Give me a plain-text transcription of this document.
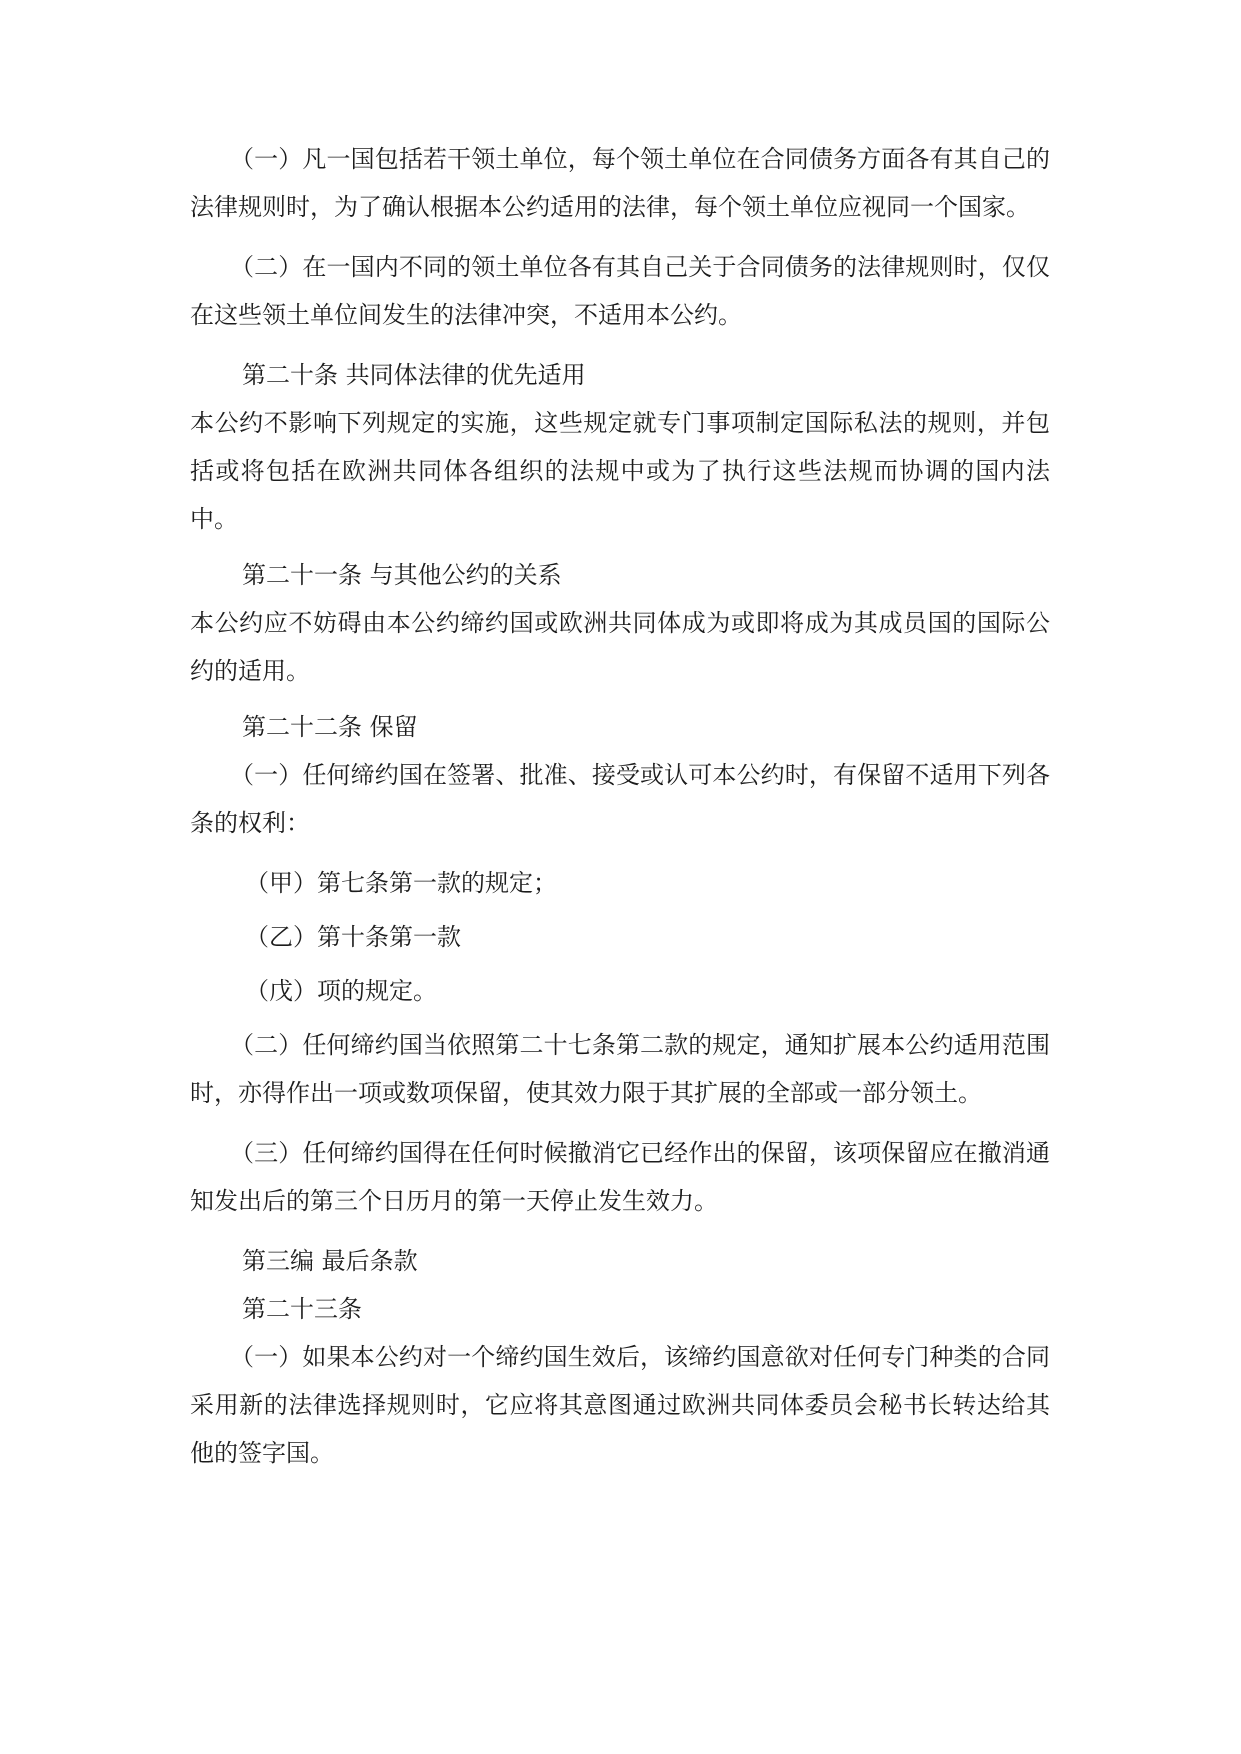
（一）凡一国包括若干领土单位，每个领土单位在合同债务方面各有其自己的法律规则时，为了确认根据本公约适用的法律，每个领土单位应视同一个国家。

（二）在一国内不同的领土单位各有其自己关于合同债务的法律规则时，仅仅在这些领土单位间发生的法律冲突，不适用本公约。

第二十条 共同体法律的优先适用

本公约不影响下列规定的实施，这些规定就专门事项制定国际私法的规则，并包括或将包括在欧洲共同体各组织的法规中或为了执行这些法规而协调的国内法中。

第二十一条 与其他公约的关系

本公约应不妨碍由本公约缔约国或欧洲共同体成为或即将成为其成员国的国际公约的适用。

第二十二条 保留

（一）任何缔约国在签署、批准、接受或认可本公约时，有保留不适用下列各条的权利：

（甲）第七条第一款的规定；

（乙）第十条第一款

（戊）项的规定。

（二）任何缔约国当依照第二十七条第二款的规定，通知扩展本公约适用范围时，亦得作出一项或数项保留，使其效力限于其扩展的全部或一部分领土。

（三）任何缔约国得在任何时候撤消它已经作出的保留，该项保留应在撤消通知发出后的第三个日历月的第一天停止发生效力。

第三编 最后条款

第二十三条

（一）如果本公约对一个缔约国生效后，该缔约国意欲对任何专门种类的合同采用新的法律选择规则时，它应将其意图通过欧洲共同体委员会秘书长转达给其他的签字国。
